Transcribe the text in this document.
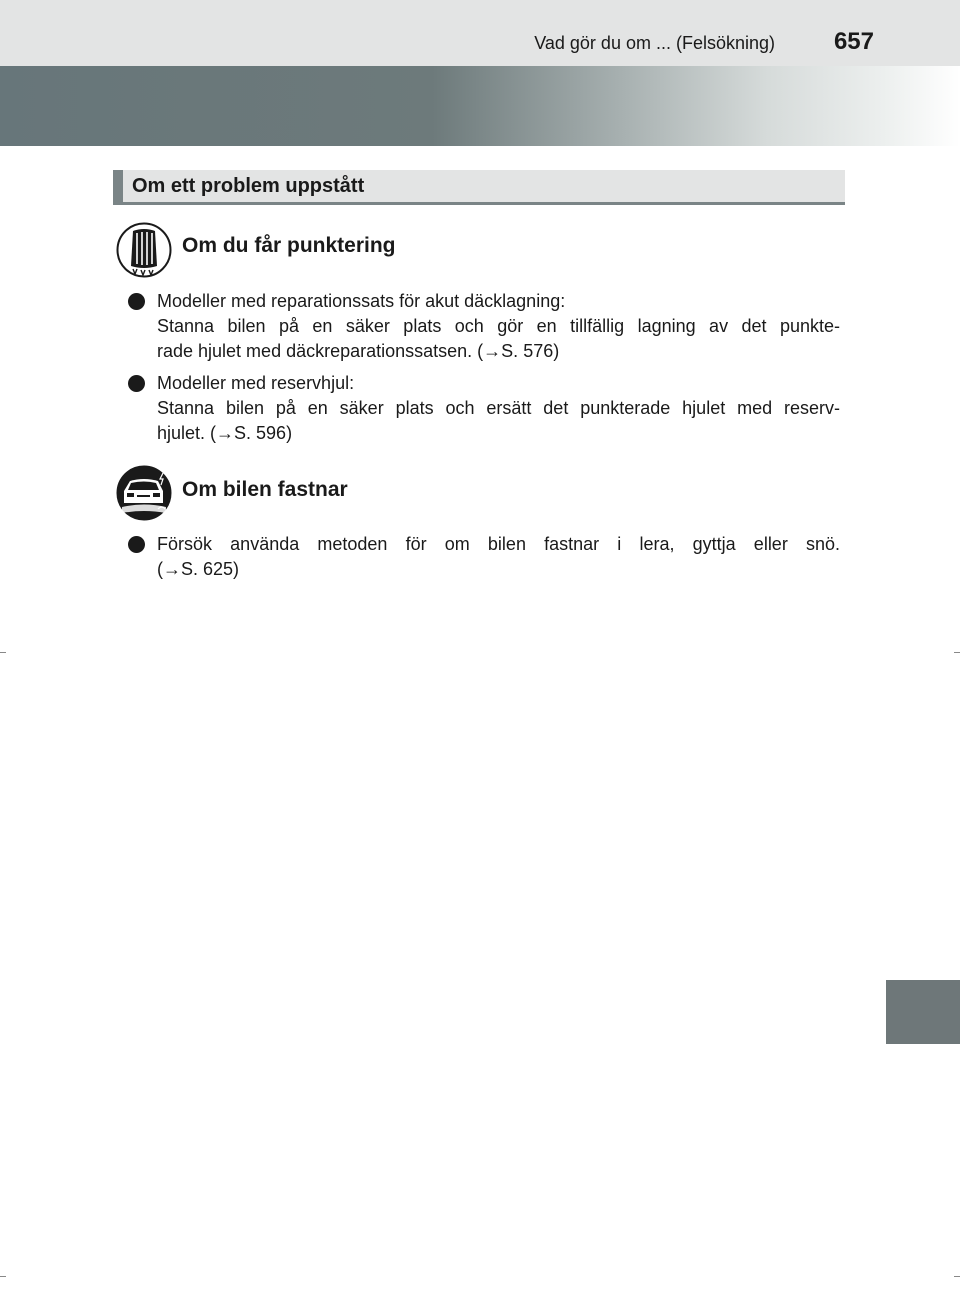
Vad gör du om ... (Felsökning) 657
Om ett problem uppstått
Om du får punktering
Modeller med reparationssats för akut däcklagning:
Stanna bilen på en säker plats och gör en tillfällig lagning av det punkte-
rade hjulet med däckreparationssatsen. (→S. 576)
Modeller med reservhjul:
Stanna bilen på en säker plats och ersätt det punkterade hjulet med reserv-
hjulet. (→S. 596)
Om bilen fastnar
Försök använda metoden för om bilen fastnar i lera, gyttja eller snö.
(→S. 625)
